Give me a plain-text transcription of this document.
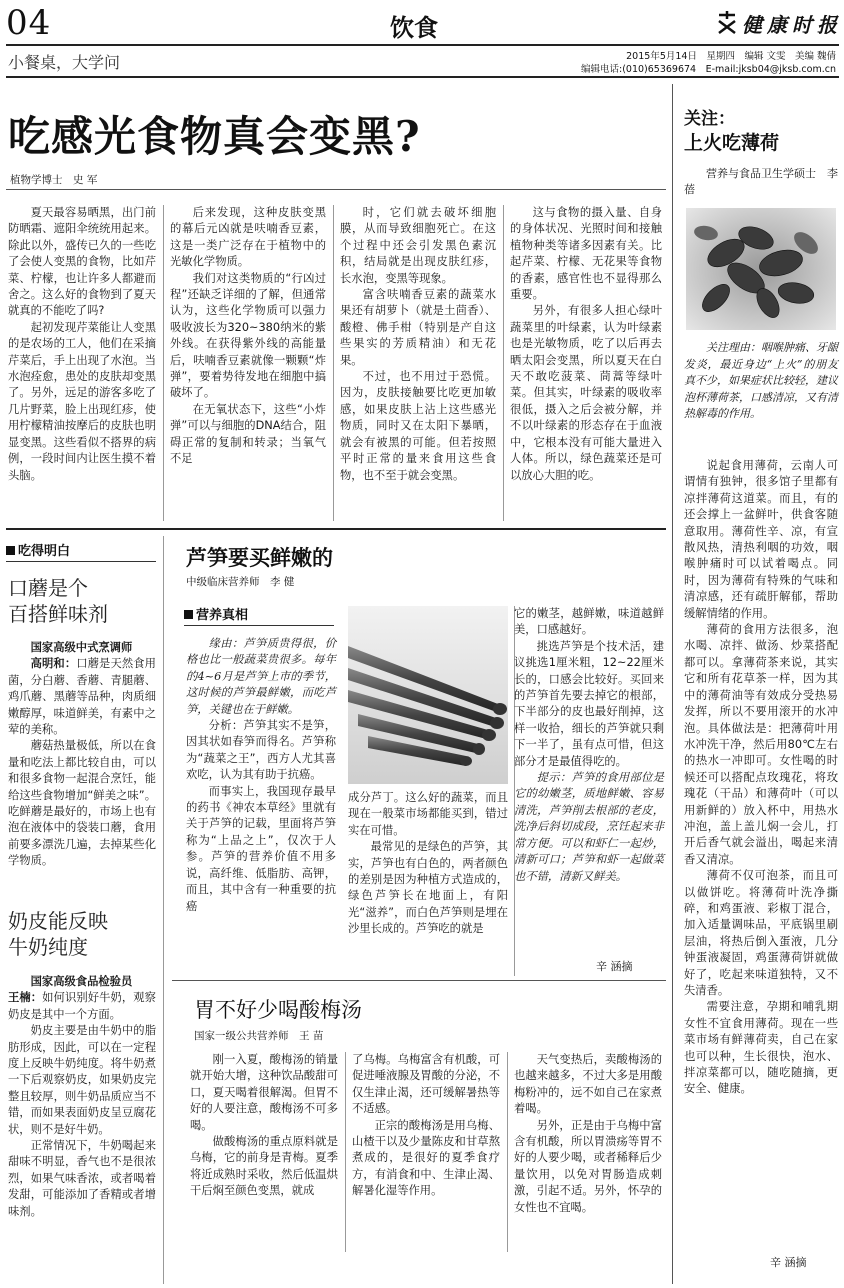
04	饮食	健康时报
小餐桌，大学问	2015年5月14日　星期四　编辑 文雯　美编 魏倩
编辑电话:(010)65369674　E-mail:jksb04@jksb.com.cn
吃感光食物真会变黑?
植物学博士　史 军

夏天最容易晒黑，出门前防晒霜、遮阳伞统统用起来。除此以外，盛传已久的一些吃了会使人变黑的食物，比如芹菜、柠檬，也让许多人都避而舍之。这么好的食物到了夏天就真的不能吃了吗?

起初发现芹菜能让人变黑的是农场的工人，他们在采摘芹菜后，手上出现了水泡。当水泡痊愈，患处的皮肤却变黑了。另外，远足的游客多吃了几片野菜，脸上出现红疹，使用柠檬精油按摩后的皮肤也明显变黑。这些看似不搭界的病例，一段时间内让医生摸不着头脑。

后来发现，这种皮肤变黑的幕后元凶就是呋喃香豆素，这是一类广泛存在于植物中的光敏化学物质。

我们对这类物质的“行凶过程”还缺乏详细的了解，但通常认为，这些化学物质可以强力吸收波长为320~380纳米的紫外线。在获得紫外线的高能量后，呋喃香豆素就像一颗颗“炸弹”，要着势待发地在细胞中搞破坏了。

在无氧状态下，这些“小炸弹”可以与细胞的DNA结合，阻碍正常的复制和转录；当氧气不足

时，它们就去破坏细胞膜，从而导致细胞死亡。在这个过程中还会引发黑色素沉积，结局就是出现皮肤红疹，长水泡，变黑等现象。

富含呋喃香豆素的蔬菜水果还有胡萝卜（就是土茴香）、酸橙、佛手柑（特别是产自这些果实的芳质精油）和无花果。

不过，也不用过于恐慌。因为，皮肤接触要比吃更加敏感，如果皮肤上沾上这些感光物质，同时又在太阳下暴晒，就会有被黑的可能。但若按照平时正常的量来食用这些食物，也不至于就会变黑。

这与食物的摄入量、自身的身体状况、光照时间和接触植物种类等诸多因素有关。比起芹菜、柠檬、无花果等食物的香素，感官性也不显得那么重要。

另外，有很多人担心绿叶蔬菜里的叶绿素，认为叶绿素也是光敏物质，吃了以后再去晒太阳会变黑，所以夏天在白天不敢吃菠菜、茼蒿等绿叶菜。但其实，叶绿素的吸收率很低，摄入之后会被分解，并不以叶绿素的形态存在于血液中，它根本没有可能大量进入人体。所以，绿色蔬菜还是可以放心大胆的吃。

关注：
上火吃薄荷
营养与食品卫生学硕士　李 蓓
关注理由：咽喉肿痛、牙龈发炎，最近身边“上火”的朋友真不少，如果症状比较轻，建议泡杯薄荷茶，口感清凉，又有清热解毒的作用。

说起食用薄荷，云南人可谓情有独钟，很多馆子里都有凉拌薄荷这道菜。而且，有的还会撑上一盆鲜叶，供食客随意取用。薄荷性辛、凉，有宣散风热，清热利咽的功效，咽喉肿痛时可以试着喝点。同时，因为薄荷有特殊的气味和清凉感，还有疏肝解郁，帮助缓解情绪的作用。

薄荷的食用方法很多，泡水喝、凉拌、做汤、炒菜搭配都可以。拿薄荷茶来说，其实它和所有花草茶一样，因为其中的薄荷油等有效成分受热易发挥，所以不要用滚开的水冲泡。具体做法是：把薄荷叶用水冲洗干净，然后用80℃左右的热水一冲即可。女性喝的时候还可以搭配点玫瑰花，将玫瑰花（干品）和薄荷叶（可以用新鲜的）放入杯中，用热水冲泡，盖上盖儿焖一会儿，打开后香气就会溢出，喝起来清香又清凉。

薄荷不仅可泡茶，而且可以做饼吃。将薄荷叶洗净撕碎，和鸡蛋液、彩椒丁混合，加入适量调味品，平底锅里刷层油，将热后倒入蛋液，几分钟蛋液凝固，鸡蛋薄荷饼就做好了，吃起来味道独特，又不失清香。

需要注意，孕期和哺乳期女性不宜食用薄荷。现在一些菜市场有鲜薄荷卖，自己在家也可以种，生长很快，泡水、拌凉菜都可以，随吃随摘，更安全、健康。

辛 涵摘
吃得明白
口蘑是个
百搭鲜味剂

国家高级中式烹调师

高明和：口蘑是天然食用菌，分白蘑、香蘑、青腿蘑、鸡爪蘑、黑蘑等品种，肉质细嫩醇厚，味道鲜美，有素中之荤的美称。

蘑菇热量极低，所以在食量和吃法上都比较自由，可以和很多食物一起混合烹饪，能给这些食物增加“鲜美之味”。吃鲜蘑是最好的，市场上也有泡在液体中的袋装口蘑，食用前要多漂洗几遍，去掉某些化学物质。

奶皮能反映
牛奶纯度

国家高级食品检验员

王楠：如何识别好牛奶，观察奶皮是其中一个方面。

奶皮主要是由牛奶中的脂肪形成，因此，可以在一定程度上反映牛奶纯度。将牛奶煮一下后观察奶皮，如果奶皮完整且较厚，则牛奶品质应当不错，而如果表面奶皮呈豆腐花状，则不是好牛奶。

正常情况下，牛奶喝起来甜味不明显，香气也不是很浓烈，如果气味香浓，或者喝着发甜，可能添加了香精或者增味剂。

芦笋要买鲜嫩的
中级临床营养师　李 健
营养真相

缘由：芦笋质贵得很，价格也比一般蔬菜贵很多。每年的4~6月是芦笋上市的季节，这时候的芦笋最鲜嫩，而吃芦笋，关键也在于鲜嫩。

分析：芦笋其实不是笋，因其状如春笋而得名。芦笋称为“蔬菜之王”，西方人尤其喜欢吃，认为其有助于抗癌。

而事实上，我国现存最早的药书《神农本草经》里就有关于芦笋的记载，里面将芦笋称为“上品之上”，仅次于人参。芦笋的营养价值不用多说，高纤维、低脂肪、高钾，而且，其中含有一种重要的抗癌

成分芦丁。这么好的蔬菜，而且现在一般菜市场都能买到，错过实在可惜。

最常见的是绿色的芦笋，其实，芦笋也有白色的，两者颜色的差别是因为种植方式造成的，绿色芦笋长在地面上，有阳光“滋养”，而白色芦笋则是埋在沙里长成的。芦笋吃的就是

它的嫩茎，越鲜嫩，味道越鲜美，口感越好。

挑选芦笋是个技术活，建议挑选1厘米粗，12~22厘米长的，口感会比较好。买回来的芦笋首先要去掉它的根部，下半部分的皮也最好削掉，这样一收拾，细长的芦笋就只剩下一半了，虽有点可惜，但这部分才是最值得吃的。

提示：芦笋的食用部位是它的幼嫩茎，质地鲜嫩、容易清洗，芦笋削去根部的老皮，洗净后斜切成段，烹饪起来非常方便。可以和虾仁一起炒，清新可口；芦笋和虾一起做菜也不错，清新又鲜美。

辛 涵摘
胃不好少喝酸梅汤
国家一级公共营养师　王 苗

刚一入夏，酸梅汤的销量就开始大增，这种饮品酸甜可口，夏天喝着很解渴。但胃不好的人要注意，酸梅汤不可多喝。

做酸梅汤的重点原料就是乌梅，它的前身是青梅。夏季将近成熟时采收，然后低温烘干后焖至颜色变黑，就成

了乌梅。乌梅富含有机酸，可促进唾液腺及胃酸的分泌，不仅生津止渴，还可缓解暑热等不适感。

正宗的酸梅汤是用乌梅、山楂干以及少量陈皮和甘草熬煮成的，是很好的夏季食疗方，有消食和中、生津止渴、解暑化湿等作用。

天气变热后，卖酸梅汤的也越来越多，不过大多是用酸梅粉冲的，远不如自己在家煮着喝。

另外，正是由于乌梅中富含有机酸，所以胃溃疡等胃不好的人要少喝，或者稀释后少量饮用，以免对胃肠造成刺激，引起不适。另外，怀孕的女性也不宜喝。
